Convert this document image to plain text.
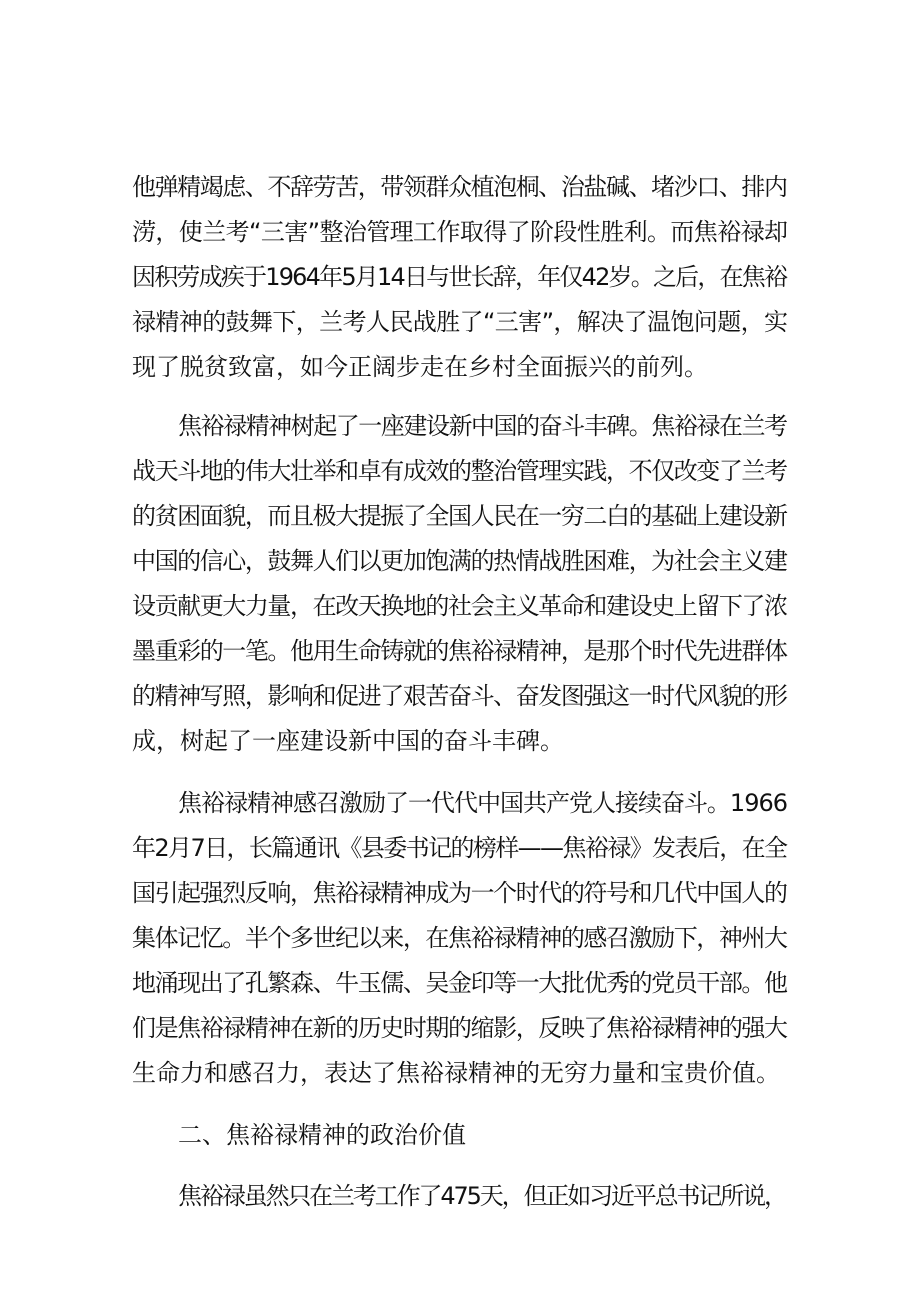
他弹精竭虑、不辞劳苦，带领群众植泡桐、治盐碱、堵沙口、排内

涝，使兰考“三害”整治管理工作取得了阶段性胜利。而焦裕禄却

因积劳成疾于1964年5月14日与世长辞，年仅42岁。之后，在焦裕

禄精神的鼓舞下，兰考人民战胜了“三害”，解决了温饱问题，实

现了脱贫致富，如今正阔步走在乡村全面振兴的前列。

焦裕禄精神树起了一座建设新中国的奋斗丰碑。焦裕禄在兰考

战天斗地的伟大壮举和卓有成效的整治管理实践，不仅改变了兰考

的贫困面貌，而且极大提振了全国人民在一穷二白的基础上建设新

中国的信心，鼓舞人们以更加饱满的热情战胜困难，为社会主义建

设贡献更大力量，在改天换地的社会主义革命和建设史上留下了浓

墨重彩的一笔。他用生命铸就的焦裕禄精神，是那个时代先进群体

的精神写照，影响和促进了艰苦奋斗、奋发图强这一时代风貌的形

成，树起了一座建设新中国的奋斗丰碑。

焦裕禄精神感召激励了一代代中国共产党人接续奋斗。1966

年2月7日，长篇通讯《县委书记的榜样——焦裕禄》发表后，在全

国引起强烈反响，焦裕禄精神成为一个时代的符号和几代中国人的

集体记忆。半个多世纪以来，在焦裕禄精神的感召激励下，神州大

地涌现出了孔繁森、牛玉儒、吴金印等一大批优秀的党员干部。他

们是焦裕禄精神在新的历史时期的缩影，反映了焦裕禄精神的强大

生命力和感召力，表达了焦裕禄精神的无穷力量和宝贵价值。

二、焦裕禄精神的政治价值

焦裕禄虽然只在兰考工作了475天，但正如习近平总书记所说，
